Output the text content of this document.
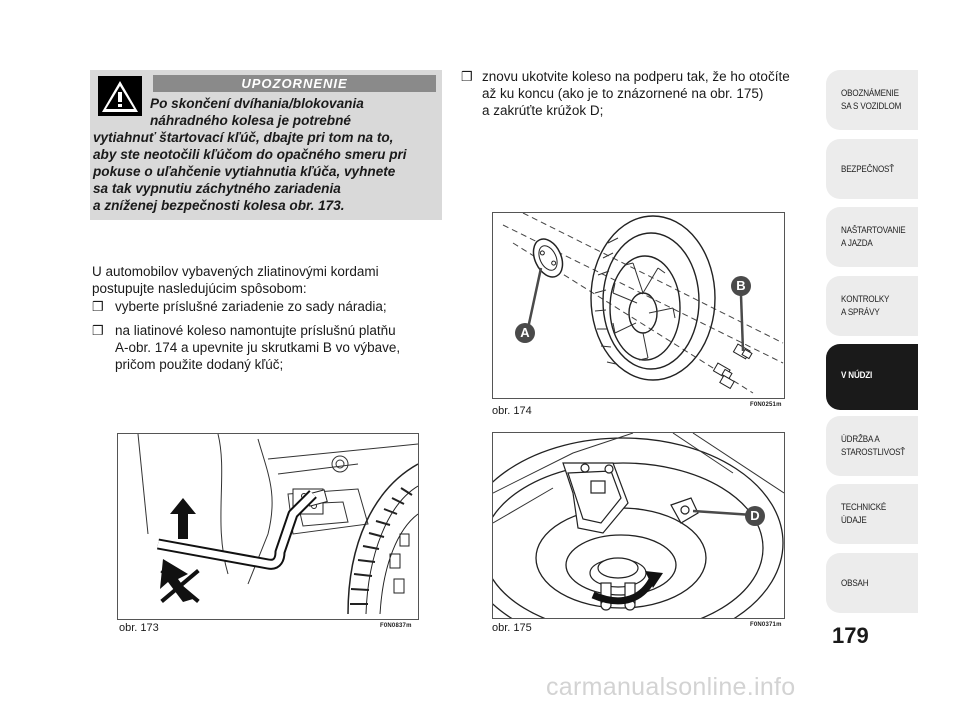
UPOZORNENIE
Po skončení dvíhania/blokovania
náhradného kolesa je potrebné
vytiahnuť štartovací kľúč, dbajte pri tom na to,
aby ste neotočili kľúčom do opačného smeru pri
pokuse o uľahčenie vytiahnutia kľúča, vyhnete
sa tak vypnutiu záchytného zariadenia
a zníženej bezpečnosti kolesa obr. 173.
U automobilov vybavených zliatinovými kordami
postupujte nasledujúcim spôsobom:
❒ vyberte príslušné zariadenie zo sady náradia;
❒ na liatinové koleso namontujte príslušnú platňu
A-obr. 174 a upevnite ju skrutkami B vo výbave,
pričom použite dodaný kľúč;
❒ znovu ukotvite koleso na podperu tak, že ho otočíte
až ku koncu (ako je to znázornené na obr. 175)
a zakrúťte krúžok D;
obr. 173	F0N0837m
A
B
obr. 174	F0N0251m
D
obr. 175	F0N0371m
OBOZNÁMENIE
SA S VOZIDLOM
BEZPEČNOSŤ
NAŠTARTOVANIE
A JAZDA
KONTROLKY
A SPRÁVY
V NÚDZI
ÚDRŽBA A
STAROSTLIVOSŤ
TECHNICKÉ
ÚDAJE
OBSAH
179
carmanualsonline.info
